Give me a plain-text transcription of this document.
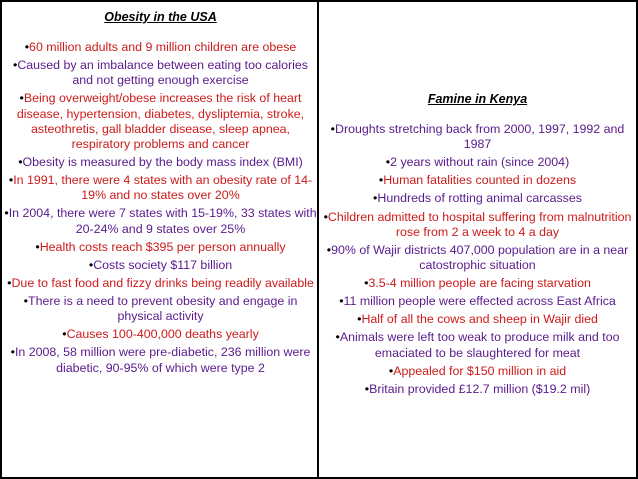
Obesity in the USA
•60 million adults and 9 million children are obese
•Caused by an imbalance between eating too calories and not getting enough exercise
•Being overweight/obese increases the risk of heart disease, hypertension, diabetes, dysliptemia, stroke, asteothretis, gall bladder disease, sleep apnea, respiratory problems and cancer
•Obesity is measured by the body mass index (BMI)
•In 1991, there were 4 states with an obesity rate of 14-19% and no states over 20%
•In 2004, there were 7 states with 15-19%, 33 states with 20-24% and 9 states over 25%
•Health costs reach $395 per person annually
•Costs society $117 billion
•Due to fast food and fizzy drinks being readily available
•There is a need to prevent obesity and engage in physical activity
•Causes 100-400,000 deaths yearly
•In 2008, 58 million were pre-diabetic, 236 million were diabetic, 90-95% of which were type 2
Famine in Kenya
•Droughts stretching back from 2000, 1997, 1992 and 1987
•2 years without rain (since 2004)
•Human fatalities counted in dozens
•Hundreds of rotting animal carcasses
•Children admitted to hospital suffering from malnutrition rose from 2 a week to 4 a day
•90% of Wajir districts 407,000 population are in a near catostrophic situation
•3.5-4 million people are facing starvation
•11 million people were effected across East Africa
•Half of all the cows and sheep in Wajir died
•Animals were left too weak to produce milk and too emaciated to be slaughtered for meat
•Appealed for $150 million in aid
•Britain provided £12.7 million ($19.2 mil)
